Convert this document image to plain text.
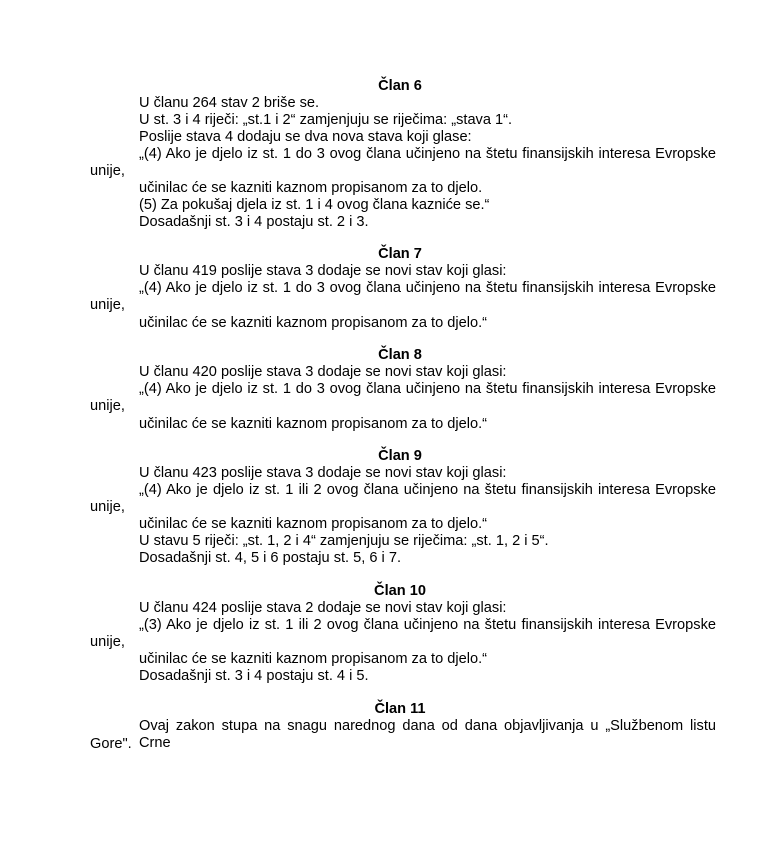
Član 6
U članu 264 stav 2 briše se.
U st. 3 i 4 riječi: „st.1 i 2“ zamjenjuju se riječima: „stava 1“.
Poslije stava 4 dodaju se dva nova stava koji glase:
„(4) Ako je djelo iz st. 1 do 3 ovog člana učinjeno na štetu finansijskih interesa Evropske
unije,
učinilac će se kazniti kaznom propisanom za to djelo.
(5) Za pokušaj djela iz st. 1 i 4 ovog člana kazniće se.“
Dosadašnji st. 3 i 4 postaju st. 2 i 3.
Član 7
U članu 419 poslije stava 3 dodaje se novi stav koji glasi:
„(4) Ako je djelo iz st. 1 do 3 ovog člana učinjeno na štetu finansijskih interesa Evropske
unije,
učinilac će se kazniti kaznom propisanom za to djelo.“
Član 8
U članu 420 poslije stava 3 dodaje se novi stav koji glasi:
„(4) Ako je djelo iz st. 1 do 3 ovog člana učinjeno na štetu finansijskih interesa Evropske
unije,
učinilac će se kazniti kaznom propisanom za to djelo.“
Član 9
U članu 423 poslije stava 3 dodaje se novi stav koji glasi:
„(4) Ako je djelo iz st. 1 ili 2 ovog člana učinjeno na štetu finansijskih interesa Evropske
unije,
učinilac će se kazniti kaznom propisanom za to djelo.“
U stavu 5 riječi: „st. 1, 2 i 4“ zamjenjuju se riječima: „st. 1, 2 i 5“.
Dosadašnji st. 4, 5 i 6 postaju st. 5, 6 i 7.
Član 10
U članu 424 poslije stava 2 dodaje se novi stav koji glasi:
„(3) Ako je djelo iz st. 1 ili 2 ovog člana učinjeno na štetu finansijskih interesa Evropske
unije,
učinilac će se kazniti kaznom propisanom za to djelo.“
Dosadašnji st. 3 i 4 postaju st. 4 i 5.
Član 11
Ovaj zakon stupa na snagu narednog dana od dana objavljivanja u „Službenom listu Crne
Gore".
